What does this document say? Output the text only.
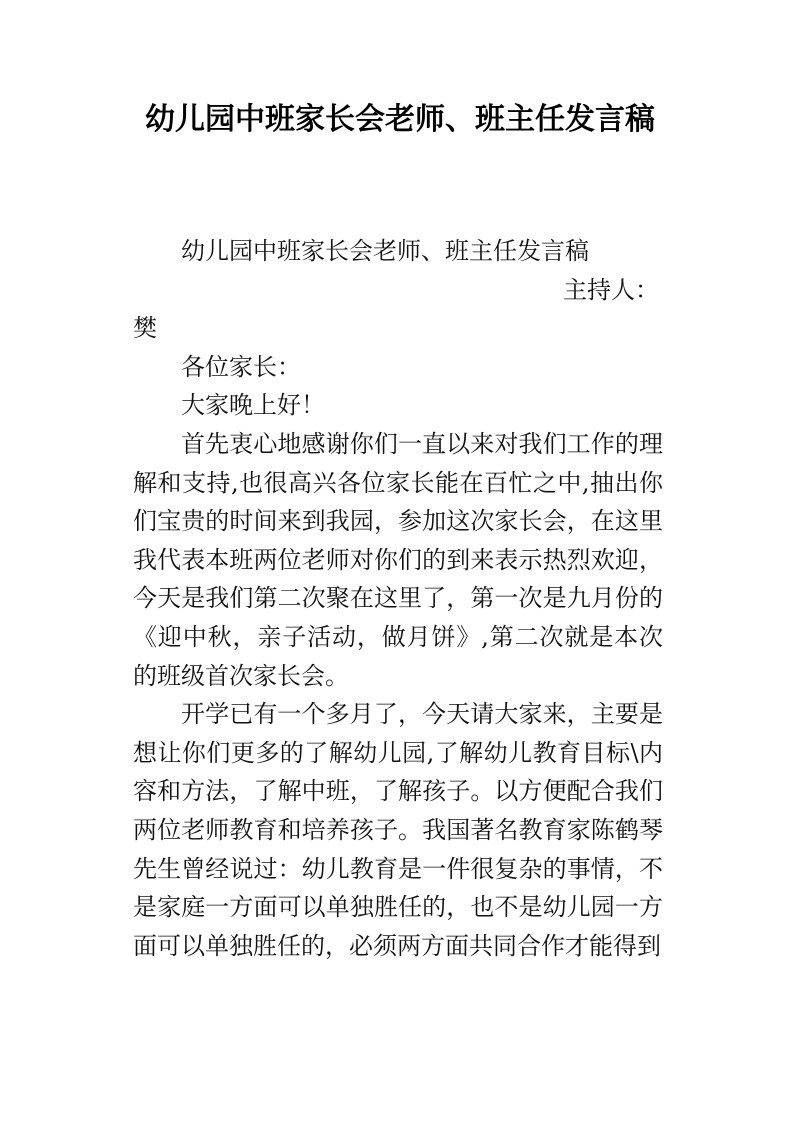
幼儿园中班家长会老师、班主任发言稿

幼儿园中班家长会老师、班主任发言稿

主持人：

樊

各位家长：

大家晚上好！

首先衷心地感谢你们一直以来对我们工作的理解和支持,也很高兴各位家长能在百忙之中,抽出你们宝贵的时间来到我园，参加这次家长会，在这里我代表本班两位老师对你们的到来表示热烈欢迎，今天是我们第二次聚在这里了，第一次是九月份的《迎中秋，亲子活动，做月饼》,第二次就是本次的班级首次家长会。

开学已有一个多月了，今天请大家来，主要是想让你们更多的了解幼儿园,了解幼儿教育目标\内容和方法，了解中班，了解孩子。以方便配合我们两位老师教育和培养孩子。我国著名教育家陈鹤琴先生曾经说过：幼儿教育是一件很复杂的事情，不是家庭一方面可以单独胜任的，也不是幼儿园一方面可以单独胜任的，必须两方面共同合作才能得到
